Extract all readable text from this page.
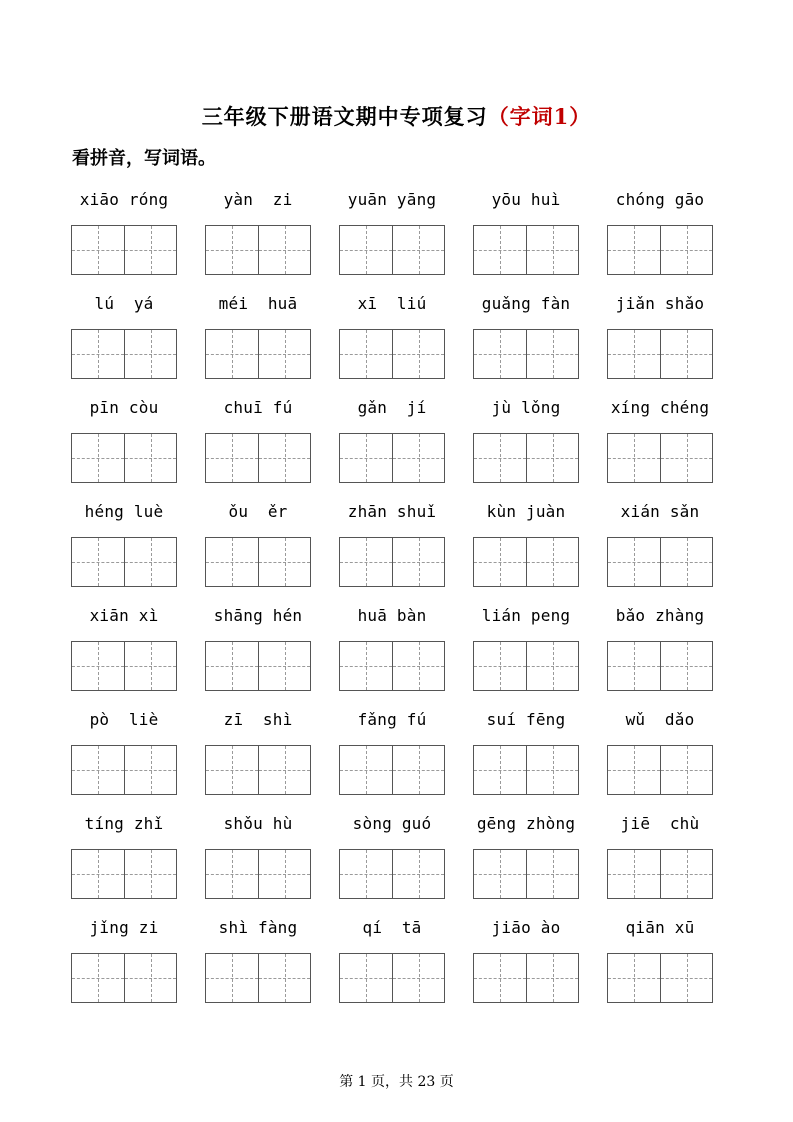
三年级下册语文期中专项复习（字词1）
看拼音，写词语。
xiāo róng	yàn  zi	yuān yāng	yōu huì	chóng gāo
lú  yá	méi  huā	xī  liú	guǎng fàn	jiǎn shǎo
pīn còu	chuī fú	gǎn  jí	jù lǒng	xíng chéng
héng luè	ǒu  ěr	zhān shuǐ	kùn juàn	xián sǎn
xiān xì	shāng hén	huā bàn	lián peng	bǎo zhàng
pò  liè	zī  shì	fǎng fú	suí fēng	wǔ  dǎo
tíng zhǐ	shǒu hù	sòng guó	gēng zhòng	jiē  chù
jǐng zi	shì fàng	qí  tā	jiāo ào	qiān xū
第 1 页，共 23 页
